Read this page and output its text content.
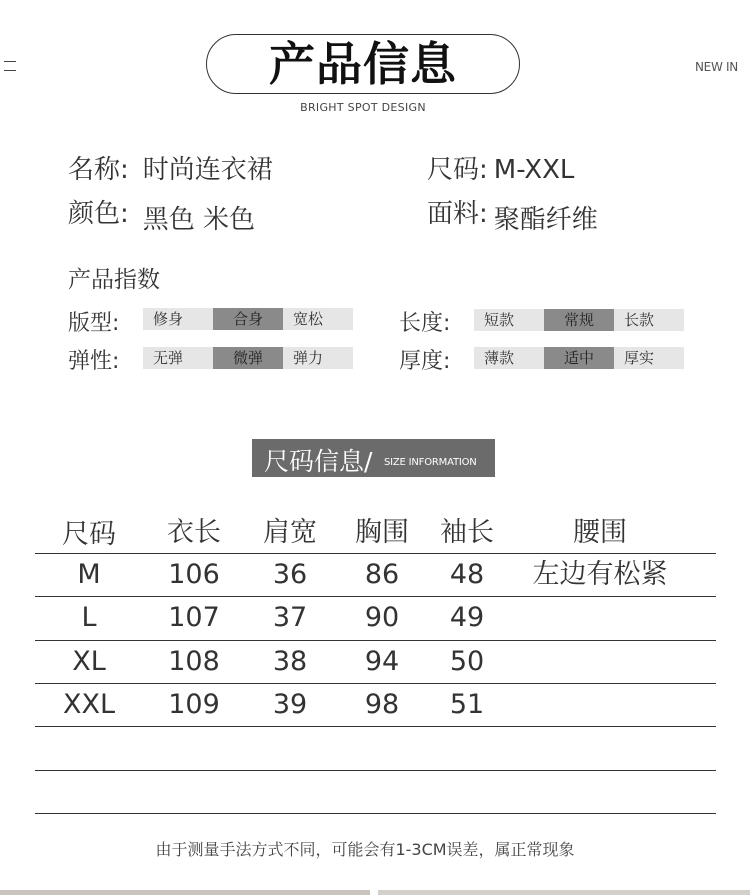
产品信息
BRIGHT SPOT DESIGN
NEW IN
名称: 时尚连衣裙	尺码: M-XXL
颜色: 黑色 米色	面料: 聚酯纤维
产品指数
版型:	修身	合身	宽松	长度:	短款	常规	长款
弹性:	无弹	微弹	弹力	厚度:	薄款	适中	厚实
尺码信息/ SIZE INFORMATION
尺码	衣长	肩宽	胸围	袖长	腰围
M	106	36	86	48	左边有松紧
L	107	37	90	49
XL	108	38	94	50
XXL	109	39	98	51
由于测量手法方式不同，可能会有1-3CM误差，属正常现象
